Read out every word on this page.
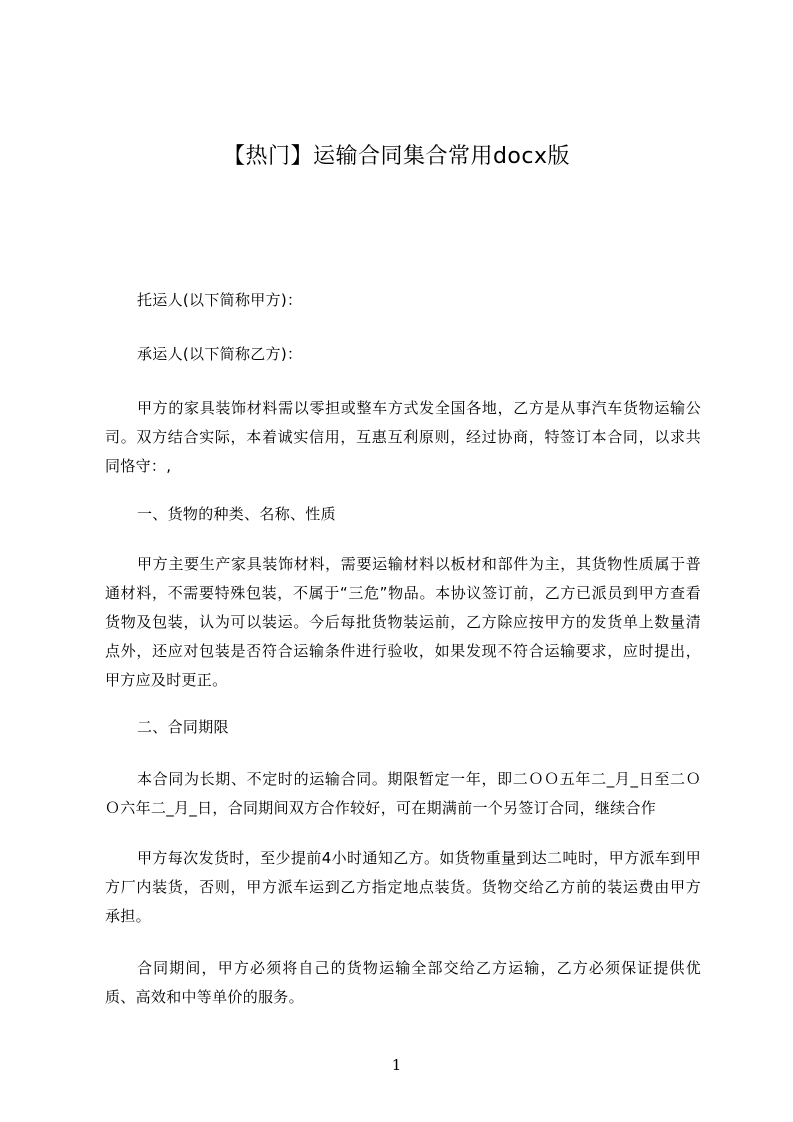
【热门】运输合同集合常用docx版

托运人(以下简称甲方)：

承运人(以下简称乙方)：

甲方的家具装饰材料需以零担或整车方式发全国各地，乙方是从事汽车货物运输公司。双方结合实际，本着诚实信用，互惠互利原则，经过协商，特签订本合同，以求共同恪守：,

一、货物的种类、名称、性质

甲方主要生产家具装饰材料，需要运输材料以板材和部件为主，其货物性质属于普通材料，不需要特殊包装，不属于“三危”物品。本协议签订前，乙方已派员到甲方查看货物及包装，认为可以装运。今后每批货物装运前，乙方除应按甲方的发货单上数量清点外，还应对包装是否符合运输条件进行验收，如果发现不符合运输要求，应时提出，甲方应及时更正。

二、合同期限

本合同为长期、不定时的运输合同。期限暂定一年，即二ＯＯ五年二_月_日至二ＯＯ六年二_月_日，合同期间双方合作较好，可在期满前一个另签订合同，继续合作

甲方每次发货时，至少提前4小时通知乙方。如货物重量到达二吨时，甲方派车到甲方厂内装货，否则，甲方派车运到乙方指定地点装货。货物交给乙方前的装运费由甲方承担。

合同期间，甲方必须将自己的货物运输全部交给乙方运输，乙方必须保证提供优质、高效和中等单价的服务。

1
